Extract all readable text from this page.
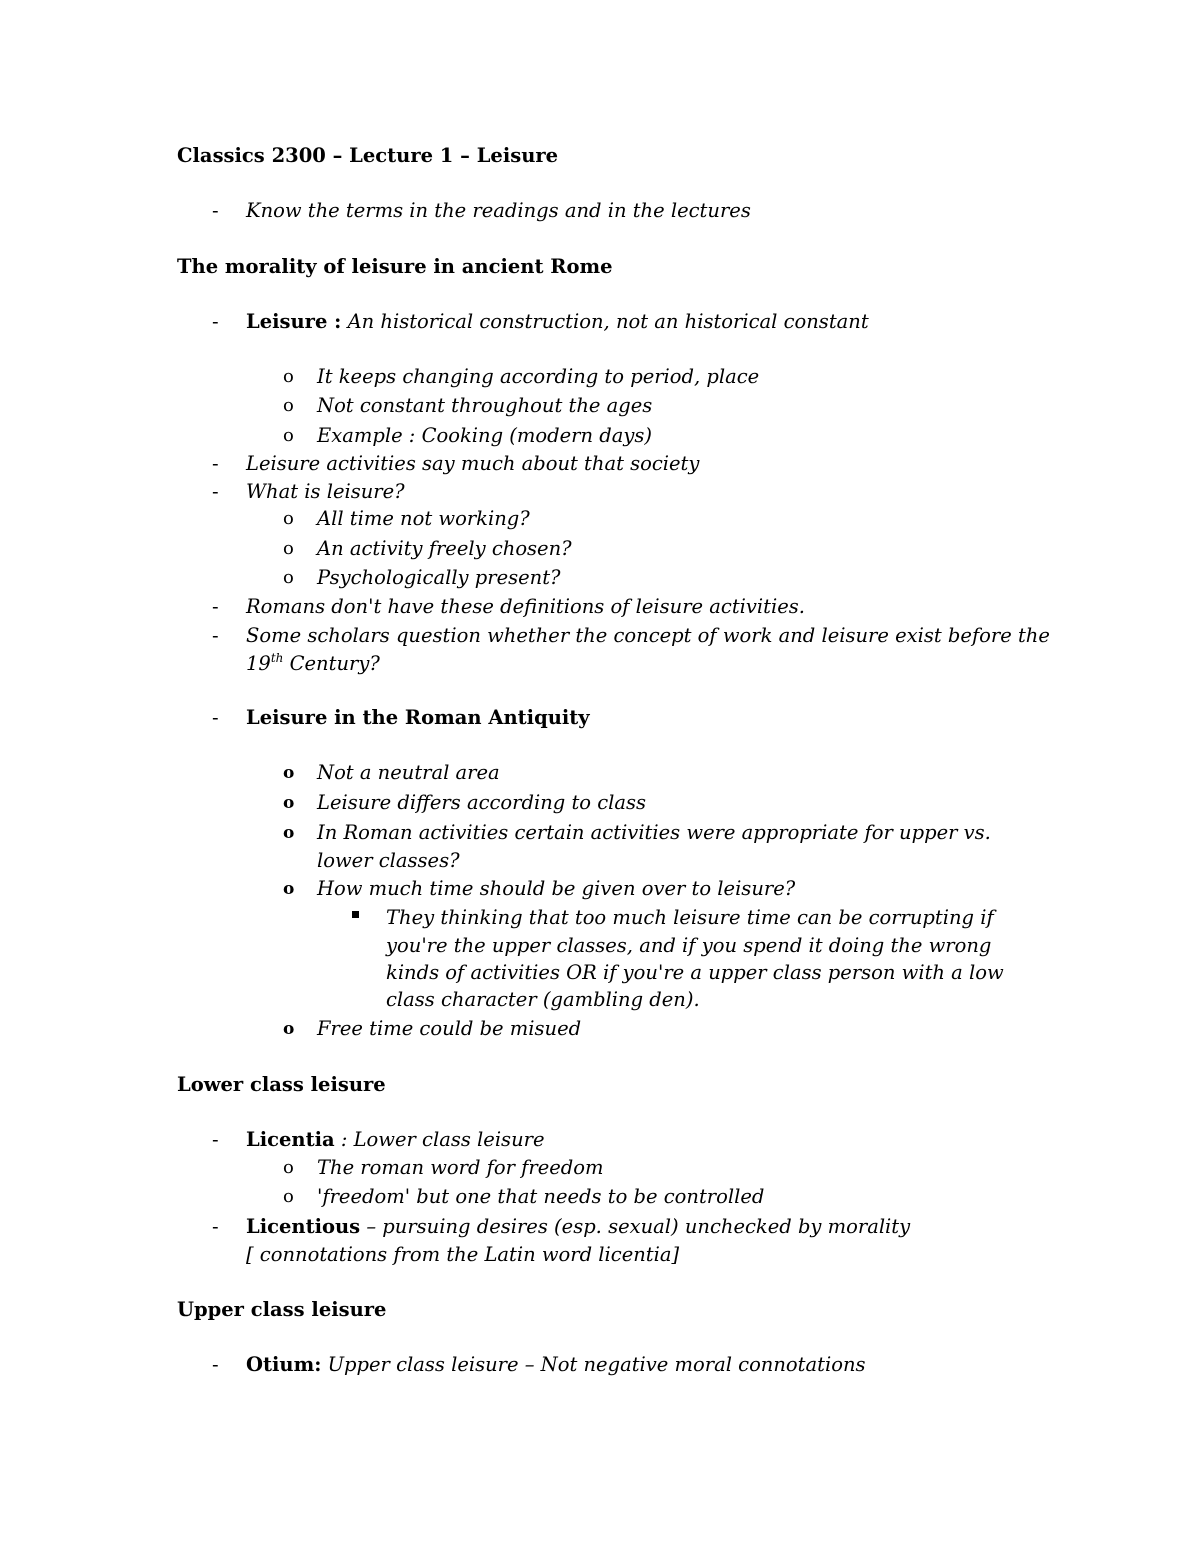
Classics 2300 – Lecture 1 – Leisure
- Know the terms in the readings and in the lectures
The morality of leisure in ancient Rome
- Leisure : An historical construction, not an historical constant
o It keeps changing according to period, place
o Not constant throughout the ages
o Example : Cooking (modern days)
- Leisure activities say much about that society
- What is leisure?
o All time not working?
o An activity freely chosen?
o Psychologically present?
- Romans don't have these definitions of leisure activities.
- Some scholars question whether the concept of work and leisure exist before the
19th Century?
- Leisure in the Roman Antiquity
o Not a neutral area
o Leisure differs according to class
o In Roman activities certain activities were appropriate for upper vs.
lower classes?
o How much time should be given over to leisure?
They thinking that too much leisure time can be corrupting if
you're the upper classes, and if you spend it doing the wrong
kinds of activities OR if you're a upper class person with a low
class character (gambling den).
o Free time could be misued
Lower class leisure
- Licentia : Lower class leisure
o The roman word for freedom
o 'freedom' but one that needs to be controlled
- Licentious – pursuing desires (esp. sexual) unchecked by morality
[ connotations from the Latin word licentia]
Upper class leisure
- Otium: Upper class leisure – Not negative moral connotations
